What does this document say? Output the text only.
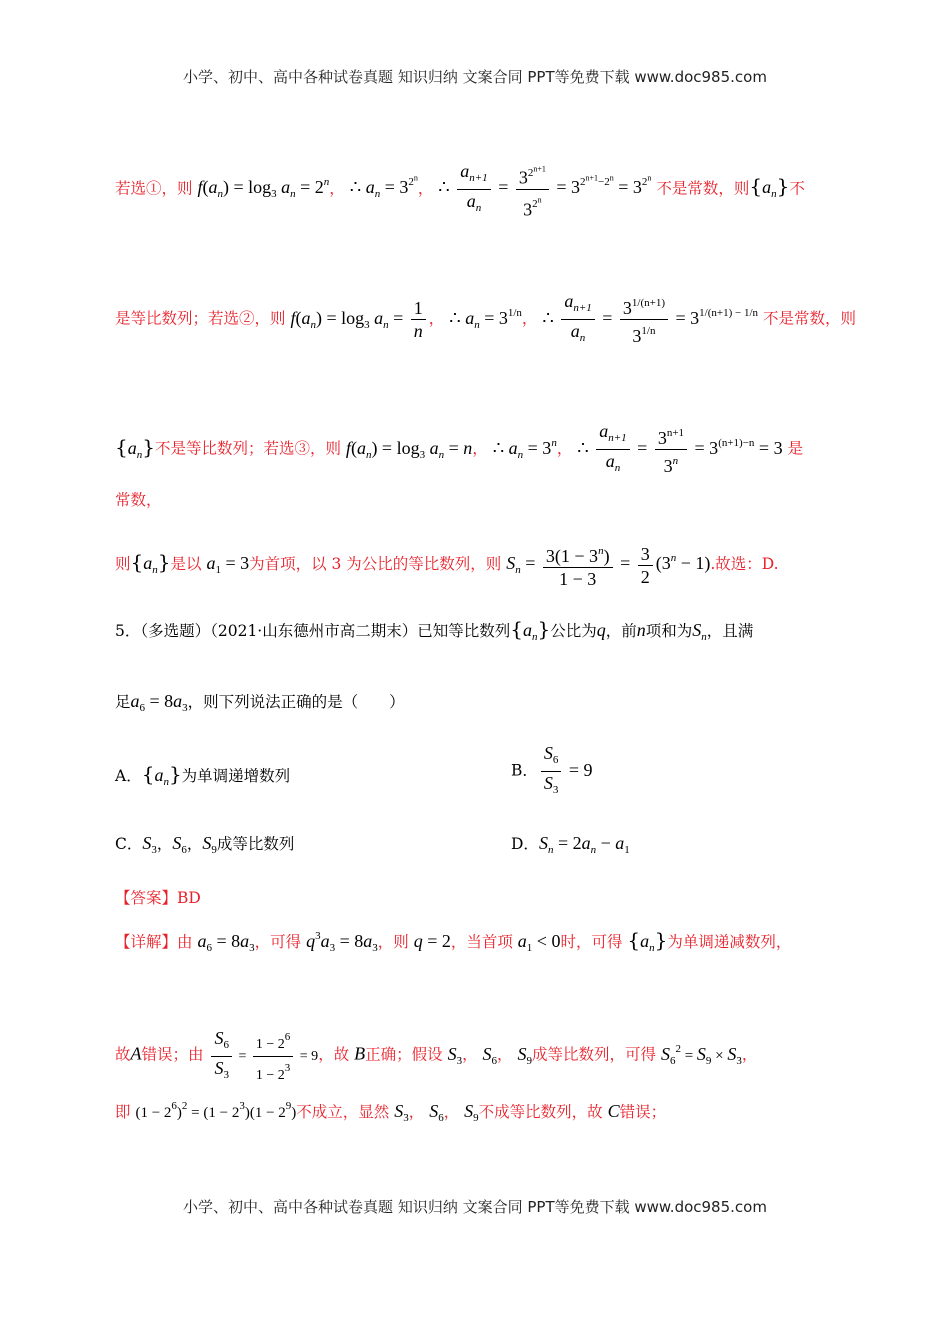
小学、初中、高中各种试卷真题 知识归纳 文案合同 PPT等免费下载 www.doc985.com
若选①，则 $f(a_n) = \log_3 a_n = 2^n$， ∴ $a_n = 3^{2^n}$， ∴ $\frac{a_{n+1}}{a_n} = \frac{3^{2^{n+1}}}{3^{2^n}} = 3^{2^{n+1}-2^n} = 3^{2^n}$ 不是常数，则$\{a_n\}$不
是等比数列；若选②，则 $f(a_n) = \log_3 a_n = \frac{1}{n}$ ， ∴ $a_n = 3^{1/n}$， ∴ $\frac{a_{n+1}}{a_n} = \frac{3^{1/(n+1)}}{3^{1/n}} = 3^{1/(n+1) - 1/n}$ 不是常数，则
$\{a_n\}$不是等比数列；若选③，则 $f(a_n) = \log_3 a_n = n$， ∴ $a_n = 3^n$， ∴ $\frac{a_{n+1}}{a_n} = \frac{3^{n+1}}{3^n} = 3^{(n+1)-n} = 3$ 是
常数，
则$\{a_n\}$是以 $a_1 = 3$为首项，以 3 为公比的等比数列，则 $S_n = \frac{3(1 - 3^n)}{1 - 3} = \frac{3}{2} (3^n - 1)$.故选：D.
5．（多选题）（2021·山东德州市高二期末）已知等比数列$\{a_n\}$公比为q，前n项和为$S_n$，且满
足$a_6 = 8a_3$，则下列说法正确的是（　　）
A．$\{a_n\}$为单调递增数列	B． $\frac{S_6}{S_3} = 9$
C．$S_3$，$S_6$，$S_9$成等比数列	D．$S_n = 2a_n - a_1$
【答案】BD
【详解】由 $a_6 = 8a_3$，可得 $q^3a_3 = 8a_3$，则 q = 2，当首项 $a_1 < 0$时，可得 $\{a_n\}$为单调递减数列，
故A错误；由 $\frac{S_6}{S_3} = \frac{1 - 2^6}{1 - 2^3} = 9$，故 B正确；假设 $S_3$， $S_6$， $S_9$成等比数列，可得 $S_6^2 = S_9 \times S_3$，
即 $(1 - 2^6)^2 = (1 - 2^3)(1 - 2^9)$不成立，显然 $S_3$， $S_6$， $S_9$不成等比数列，故 C错误；
小学、初中、高中各种试卷真题 知识归纳 文案合同 PPT等免费下载 www.doc985.com
